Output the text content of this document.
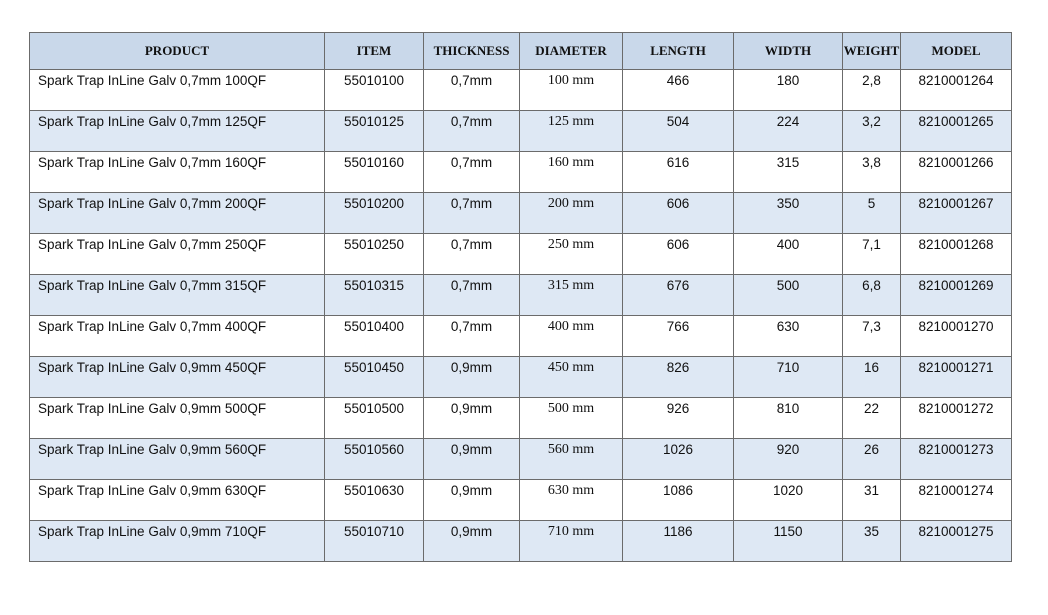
PRODUCT	ITEM	THICKNESS	DIAMETER	LENGTH	WIDTH	WEIGHT	MODEL

Spark Trap InLine Galv 0,7mm 100QF	55010100	0,7mm	100 mm	466	180	2,8	8210001264

Spark Trap InLine Galv 0,7mm 125QF	55010125	0,7mm	125 mm	504	224	3,2	8210001265

Spark Trap InLine Galv 0,7mm 160QF	55010160	0,7mm	160 mm	616	315	3,8	8210001266

Spark Trap InLine Galv 0,7mm 200QF	55010200	0,7mm	200 mm	606	350	5	8210001267

Spark Trap InLine Galv 0,7mm 250QF	55010250	0,7mm	250 mm	606	400	7,1	8210001268

Spark Trap InLine Galv 0,7mm 315QF	55010315	0,7mm	315 mm	676	500	6,8	8210001269

Spark Trap InLine Galv 0,7mm 400QF	55010400	0,7mm	400 mm	766	630	7,3	8210001270

Spark Trap InLine Galv 0,9mm 450QF	55010450	0,9mm	450 mm	826	710	16	8210001271

Spark Trap InLine Galv 0,9mm 500QF	55010500	0,9mm	500 mm	926	810	22	8210001272

Spark Trap InLine Galv 0,9mm 560QF	55010560	0,9mm	560 mm	1026	920	26	8210001273

Spark Trap InLine Galv 0,9mm 630QF	55010630	0,9mm	630 mm	1086	1020	31	8210001274

Spark Trap InLine Galv 0,9mm 710QF	55010710	0,9mm	710 mm	1186	1150	35	8210001275
